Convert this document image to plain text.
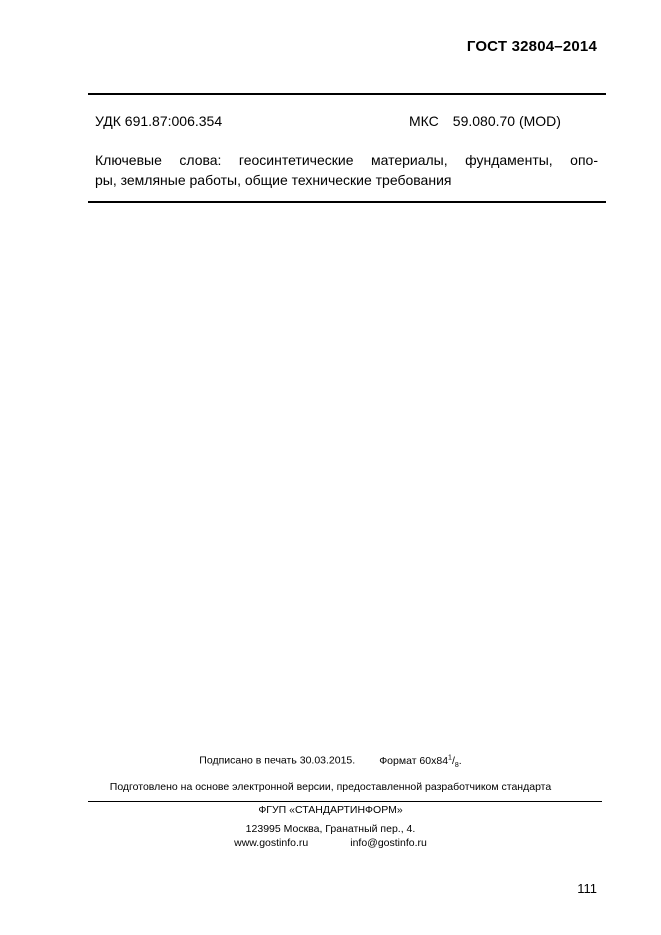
ГОСТ 32804–2014
УДК 691.87:006.354	МКС 59.080.70 (MOD)
Ключевые слова: геосинтетические материалы, фундаменты, опо-
ры, земляные работы, общие технические требования
Подписано в печать 30.03.2015. Формат $60х84^1/_8$.
Подготовлено на основе электронной версии, предоставленной разработчиком стандарта
ФГУП «СТАНДАРТИНФОРМ»
123995 Москва, Гранатный пер., 4.
www.gostinfo.ru	info@gostinfo.ru
111
